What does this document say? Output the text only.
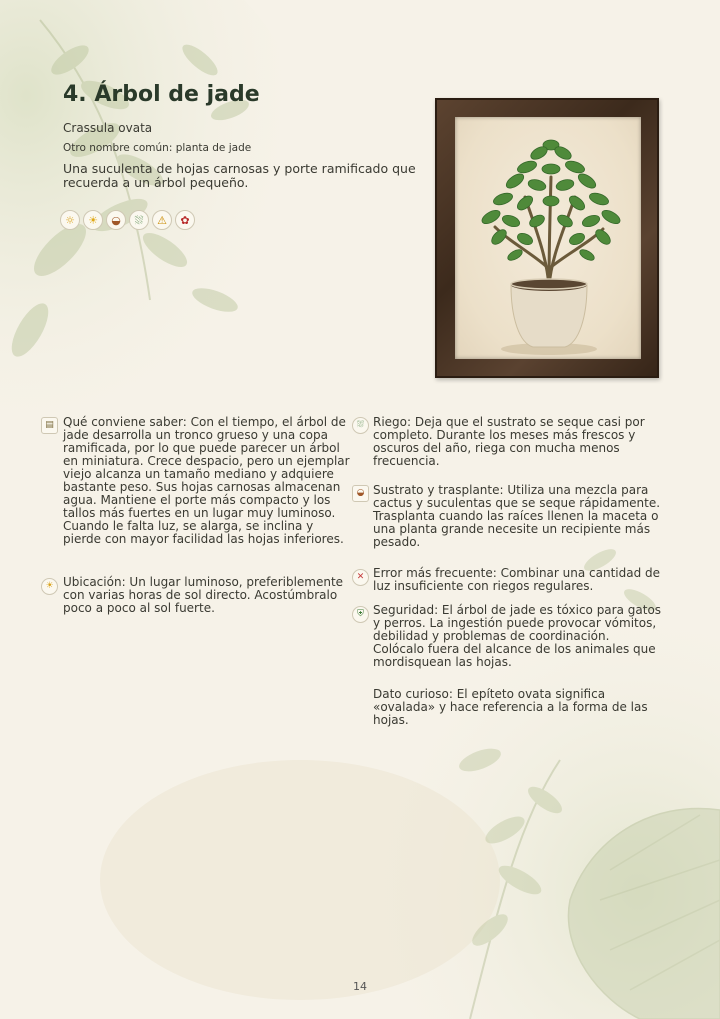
4. Árbol de jade
Crassula ovata
Otro nombre común: planta de jade
Una suculenta de hojas carnosas y porte ramificado que recuerda a un árbol pequeño.
☼	☀	◒	⛆	⚠	✿
▤ Qué conviene saber: Con el tiempo, el árbol de jade desarrolla un tronco grueso y una copa ramificada, por lo que puede parecer un árbol en miniatura. Crece despacio, pero un ejemplar viejo alcanza un tamaño mediano y adquiere bastante peso. Sus hojas carnosas almacenan agua. Mantiene el porte más compacto y los tallos más fuertes en un lugar muy luminoso. Cuando le falta luz, se alarga, se inclina y pierde con mayor facilidad las hojas inferiores.
☀ Ubicación: Un lugar luminoso, preferiblemente con varias horas de sol directo. Acostúmbralo poco a poco al sol fuerte.
⛆ Riego: Deja que el sustrato se seque casi por completo. Durante los meses más frescos y oscuros del año, riega con mucha menos frecuencia.
◒ Sustrato y trasplante: Utiliza una mezcla para cactus y suculentas que se seque rápidamente. Trasplanta cuando las raíces llenen la maceta o una planta grande necesite un recipiente más pesado.
✕ Error más frecuente: Combinar una cantidad de luz insuficiente con riegos regulares.
⛨ Seguridad: El árbol de jade es tóxico para gatos y perros. La ingestión puede provocar vómitos, debilidad y problemas de coordinación. Colócalo fuera del alcance de los animales que mordisquean las hojas.
Dato curioso: El epíteto ovata significa «ovalada» y hace referencia a la forma de las hojas.
14
